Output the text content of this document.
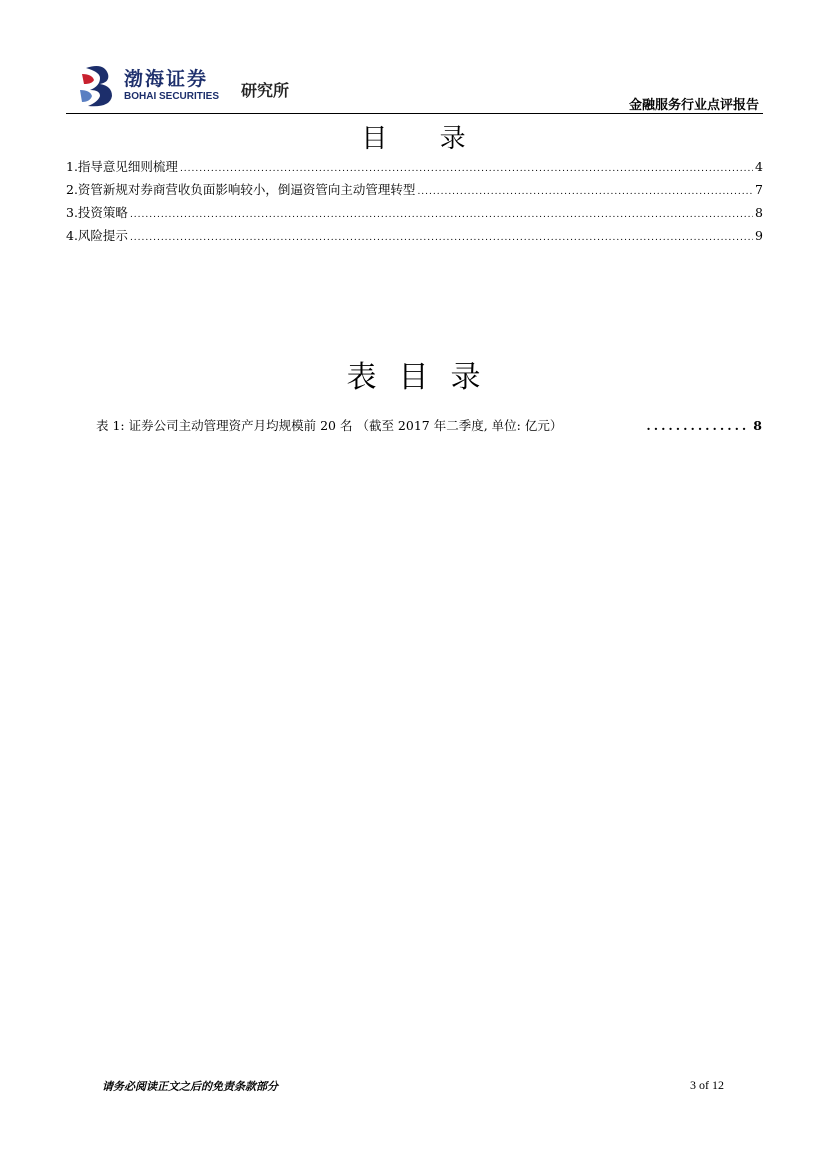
渤海证券
BOHAI SECURITIES 研究所
金融服务行业点评报告
目 录
1.指导意见细则梳理 .....	4
2.资管新规对券商营收负面影响较小，倒逼资管向主动管理转型 .....	7
3.投资策略 .....	8
4.风险提示 .....	9
表目录
表 1: 证券公司主动管理资产月均规模前 20 名 （截至 2017 年二季度, 单位: 亿元） .....	8
请务必阅读正文之后的免责条款部分	3 of 12
